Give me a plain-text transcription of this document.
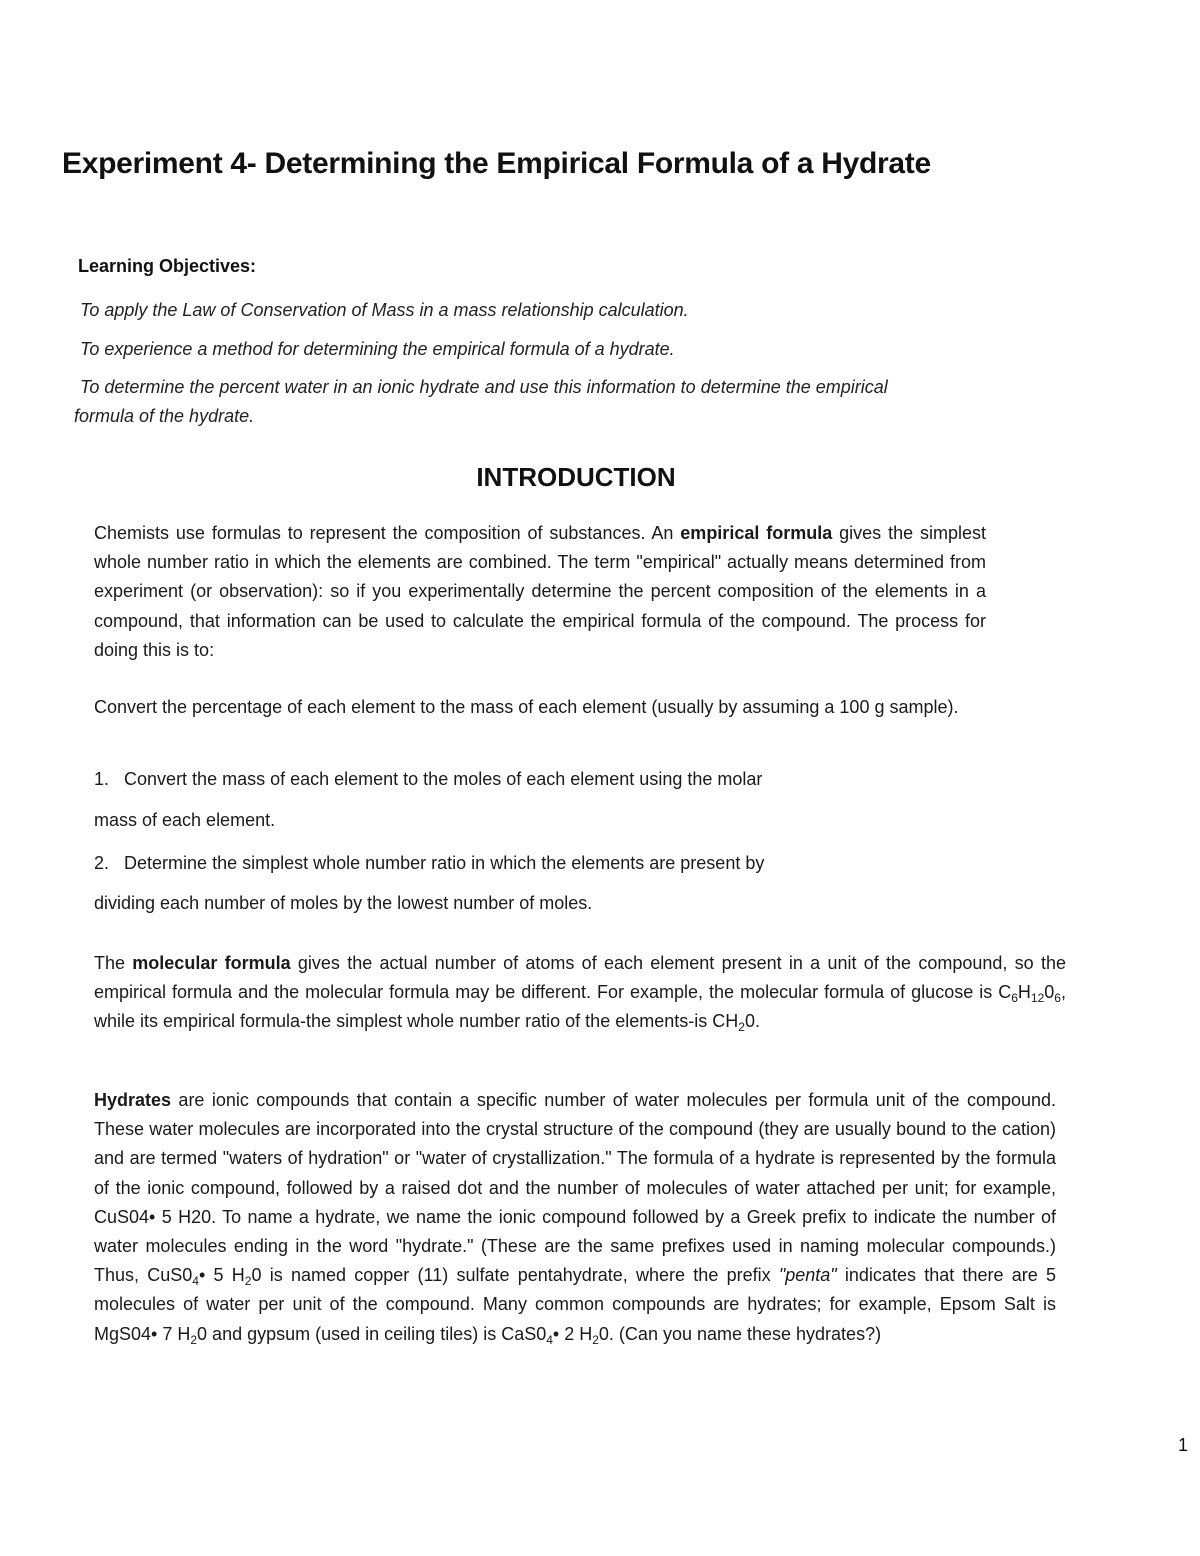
Experiment 4- Determining the Empirical Formula of a Hydrate
Learning Objectives:
To apply the Law of Conservation of Mass in a mass relationship calculation.
To experience a method for determining the empirical formula of a hydrate.
To determine the percent water in an ionic hydrate and use this information to determine the empirical
formula of the hydrate.
INTRODUCTION

Chemists use formulas to represent the composition of substances. An empirical formula gives the simplest whole number ratio in which the elements are combined. The term "empirical" actually means determined from experiment (or observation): so if you experimentally determine the percent composition of the elements in a compound, that information can be used to calculate the empirical formula of the compound. The process for doing this is to:

Convert the percentage of each element to the mass of each element (usually by assuming a 100 g sample).

1. Convert the mass of each element to the moles of each element using the molar
mass of each element.
2. Determine the simplest whole number ratio in which the elements are present by
dividing each number of moles by the lowest number of moles.

The molecular formula gives the actual number of atoms of each element present in a unit of the compound, so the empirical formula and the molecular formula may be different. For example, the molecular formula of glucose is $C_6H_{12}0_6$, while its empirical formula-the simplest whole number ratio of the elements-is $CH_20$.

Hydrates are ionic compounds that contain a specific number of water molecules per formula unit of the compound. These water molecules are incorporated into the crystal structure of the compound (they are usually bound to the cation) and are termed "waters of hydration" or "water of crystallization." The formula of a hydrate is represented by the formula of the ionic compound, followed by a raised dot and the number of molecules of water attached per unit; for example, CuS04• 5 H20. To name a hydrate, we name the ionic compound followed by a Greek prefix to indicate the number of water molecules ending in the word "hydrate." (These are the same prefixes used in naming molecular compounds.) Thus, $CuS0_4•$ 5 $H_20$ is named copper (11) sulfate pentahydrate, where the prefix "penta" indicates that there are 5 molecules of water per unit of the compound. Many common compounds are hydrates; for example, Epsom Salt is MgS04• 7 $H_20$ and gypsum (used in ceiling tiles) is $CaS0_4•$ 2 $H_20$. (Can you name these hydrates?)

1
